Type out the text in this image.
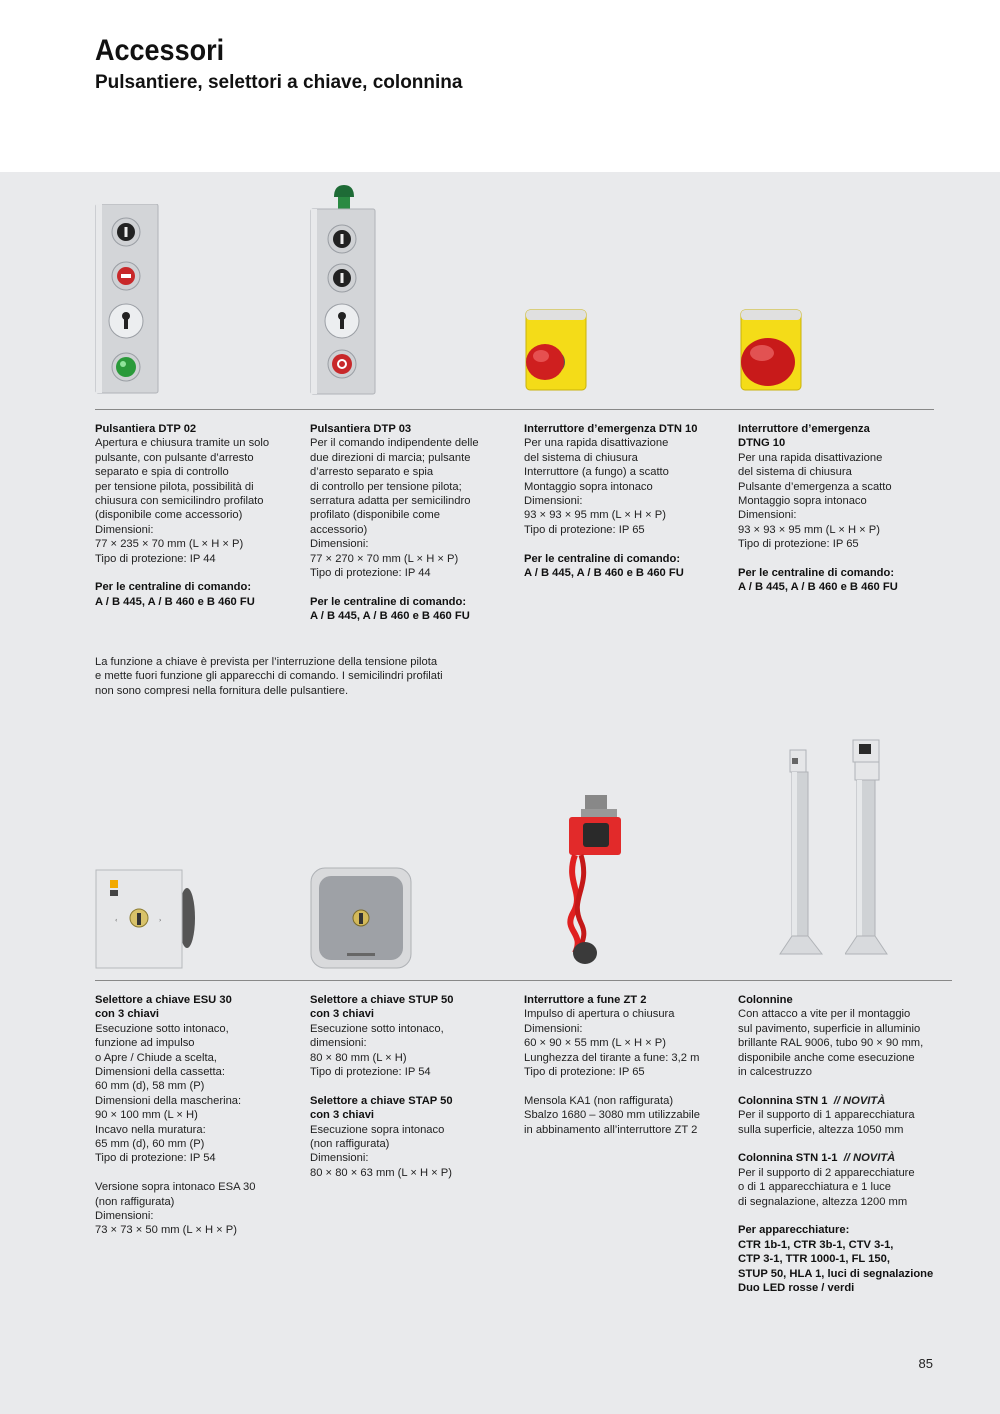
Accessori
Pulsantiere, selettori a chiave, colonnina

Pulsantiera DTP 02

Apertura e chiusura tramite un solo

pulsante, con pulsante d’arresto

separato e spia di controllo

per tensione pilota, possibilità di

chiusura con semicilindro profilato

(disponibile come accessorio)

Dimensioni:

77 × 235 × 70 mm (L × H × P)

Tipo di protezione: IP 44

Per le centraline di comando:

A / B 445, A / B 460 e B 460 FU

Pulsantiera DTP 03

Per il comando indipendente delle

due direzioni di marcia; pulsante

d’arresto separato e spia

di controllo per tensione pilota;

serratura adatta per semicilindro

profilato (disponibile come

accessorio)

Dimensioni:

77 × 270 × 70 mm (L × H × P)

Tipo di protezione: IP 44

Per le centraline di comando:

A / B 445, A / B 460 e B 460 FU

Interruttore d’emergenza DTN 10

Per una rapida disattivazione

del sistema di chiusura

Interruttore (a fungo) a scatto

Montaggio sopra intonaco

Dimensioni:

93 × 93 × 95 mm (L × H × P)

Tipo di protezione: IP 65

Per le centraline di comando:

A / B 445, A / B 460 e B 460 FU

Interruttore d’emergenza

DTNG 10

Per una rapida disattivazione

del sistema di chiusura

Pulsante d’emergenza a scatto

Montaggio sopra intonaco

Dimensioni:

93 × 93 × 95 mm (L × H × P)

Tipo di protezione: IP 65

Per le centraline di comando:

A / B 445, A / B 460 e B 460 FU

La funzione a chiave è prevista per l’interruzione della tensione pilota

e mette fuori funzione gli apparecchi di comando. I semicilindri profilati

non sono compresi nella fornitura delle pulsantiere.

‹	›

Selettore a chiave ESU 30

con 3 chiavi

Esecuzione sotto intonaco,

funzione ad impulso

o Apre / Chiude a scelta,

Dimensioni della cassetta:

60 mm (d), 58 mm (P)

Dimensioni della mascherina:

90 × 100 mm (L × H)

Incavo nella muratura:

65 mm (d), 60 mm (P)

Tipo di protezione: IP 54

Versione sopra intonaco ESA 30

(non raffigurata)

Dimensioni:

73 × 73 × 50 mm (L × H × P)

Selettore a chiave STUP 50

con 3 chiavi

Esecuzione sotto intonaco,

dimensioni:

80 × 80 mm (L × H)

Tipo di protezione: IP 54

Selettore a chiave STAP 50

con 3 chiavi

Esecuzione sopra intonaco

(non raffigurata)

Dimensioni:

80 × 80 × 63 mm (L × H × P)

Interruttore a fune ZT 2

Impulso di apertura o chiusura

Dimensioni:

60 × 90 × 55 mm (L × H × P)

Lunghezza del tirante a fune: 3,2 m

Tipo di protezione: IP 65

Mensola KA1 (non raffigurata)

Sbalzo 1680 – 3080 mm utilizzabile

in abbinamento all’interruttore ZT 2

Colonnine

Con attacco a vite per il montaggio

sul pavimento, superficie in alluminio

brillante RAL 9006, tubo 90 × 90 mm,

disponibile anche come esecuzione

in calcestruzzo

Colonnina STN 1 // NOVITÀ

Per il supporto di 1 apparecchiatura

sulla superficie, altezza 1050 mm

Colonnina STN 1-1 // NOVITÀ

Per il supporto di 2 apparecchiature

o di 1 apparecchiatura e 1 luce

di segnalazione, altezza 1200 mm

Per apparecchiature:

CTR 1b-1, CTR 3b-1, CTV 3-1,

CTP 3-1, TTR 1000-1, FL 150,

STUP 50, HLA 1, luci di segnalazione

Duo LED rosse / verdi

85
